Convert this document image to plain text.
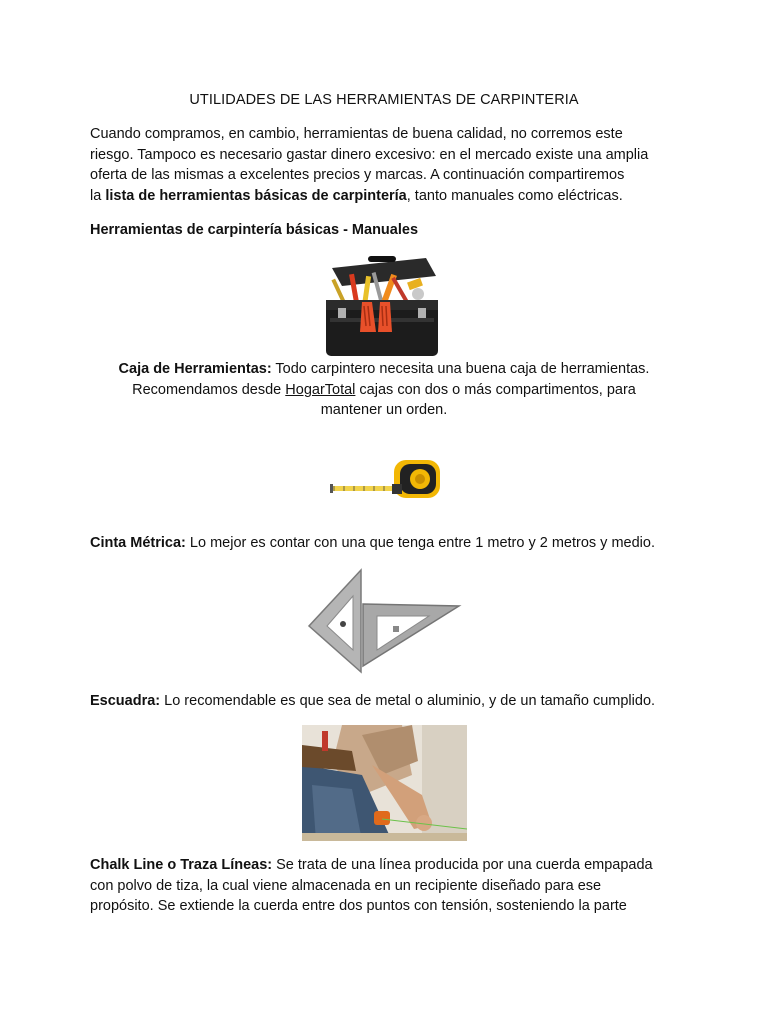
UTILIDADES DE LAS HERRAMIENTAS DE CARPINTERIA
Cuando compramos, en cambio, herramientas de buena calidad, no corremos este
riesgo. Tampoco es necesario gastar dinero excesivo: en el mercado existe una amplia
oferta de las mismas a excelentes precios y marcas. A continuación compartiremos
la lista de herramientas básicas de carpintería, tanto manuales como eléctricas.
Herramientas de carpintería básicas - Manuales
Caja de Herramientas: Todo carpintero necesita una buena caja de herramientas.
Recomendamos desde HogarTotal cajas con dos o más compartimentos, para
mantener un orden.
Cinta Métrica: Lo mejor es contar con una que tenga entre 1 metro y 2 metros y medio.
Escuadra: Lo recomendable es que sea de metal o aluminio, y de un tamaño cumplido.
Chalk Line o Traza Líneas: Se trata de una línea producida por una cuerda empapada
con polvo de tiza, la cual viene almacenada en un recipiente diseñado para ese
propósito. Se extiende la cuerda entre dos puntos con tensión, sosteniendo la parte
